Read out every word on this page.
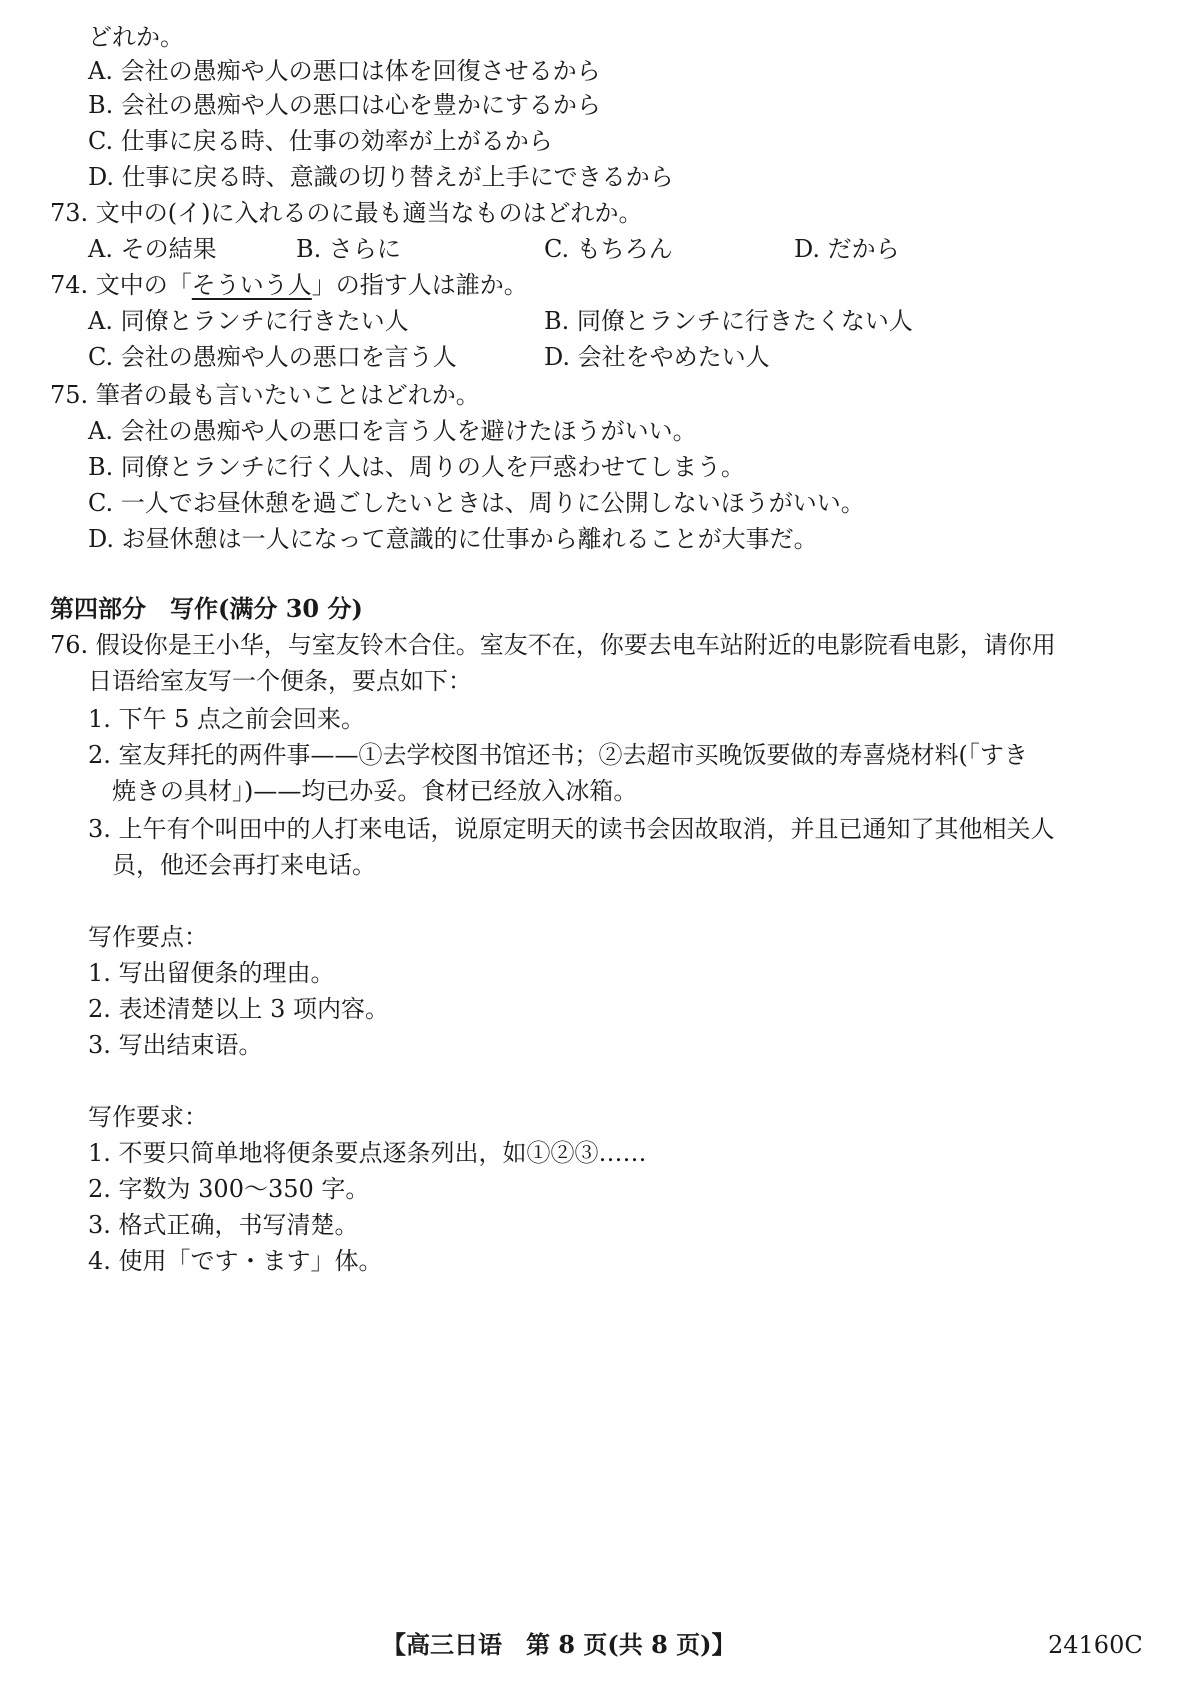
どれか。
A. 会社の愚痴や人の悪口は体を回復させるから
B. 会社の愚痴や人の悪口は心を豊かにするから
C. 仕事に戻る時、仕事の効率が上がるから
D. 仕事に戻る時、意識の切り替えが上手にできるから
73. 文中の(イ)に入れるのに最も適当なものはどれか。
A. その結果	B. さらに	C. もちろん	D. だから
74. 文中の「そういう人」の指す人は誰か。
A. 同僚とランチに行きたい人	B. 同僚とランチに行きたくない人
C. 会社の愚痴や人の悪口を言う人	D. 会社をやめたい人
75. 筆者の最も言いたいことはどれか。
A. 会社の愚痴や人の悪口を言う人を避けたほうがいい。
B. 同僚とランチに行く人は、周りの人を戸惑わせてしまう。
C. 一人でお昼休憩を過ごしたいときは、周りに公開しないほうがいい。
D. お昼休憩は一人になって意識的に仕事から離れることが大事だ。
第四部分　写作(满分 30 分)
76. 假设你是王小华，与室友铃木合住。室友不在，你要去电车站附近的电影院看电影，请你用
日语给室友写一个便条，要点如下：
1. 下午 5 点之前会回来。
2. 室友拜托的两件事——①去学校图书馆还书；②去超市买晚饭要做的寿喜烧材料(「すき
焼きの具材」)——均已办妥。食材已经放入冰箱。
3. 上午有个叫田中的人打来电话，说原定明天的读书会因故取消，并且已通知了其他相关人
员，他还会再打来电话。
写作要点：
1. 写出留便条的理由。
2. 表述清楚以上 3 项内容。
3. 写出结束语。
写作要求：
1. 不要只简单地将便条要点逐条列出，如①②③……
2. 字数为 300～350 字。
3. 格式正确，书写清楚。
4. 使用「です・ます」体。
【高三日语　第 8 页(共 8 页)】	24160C
